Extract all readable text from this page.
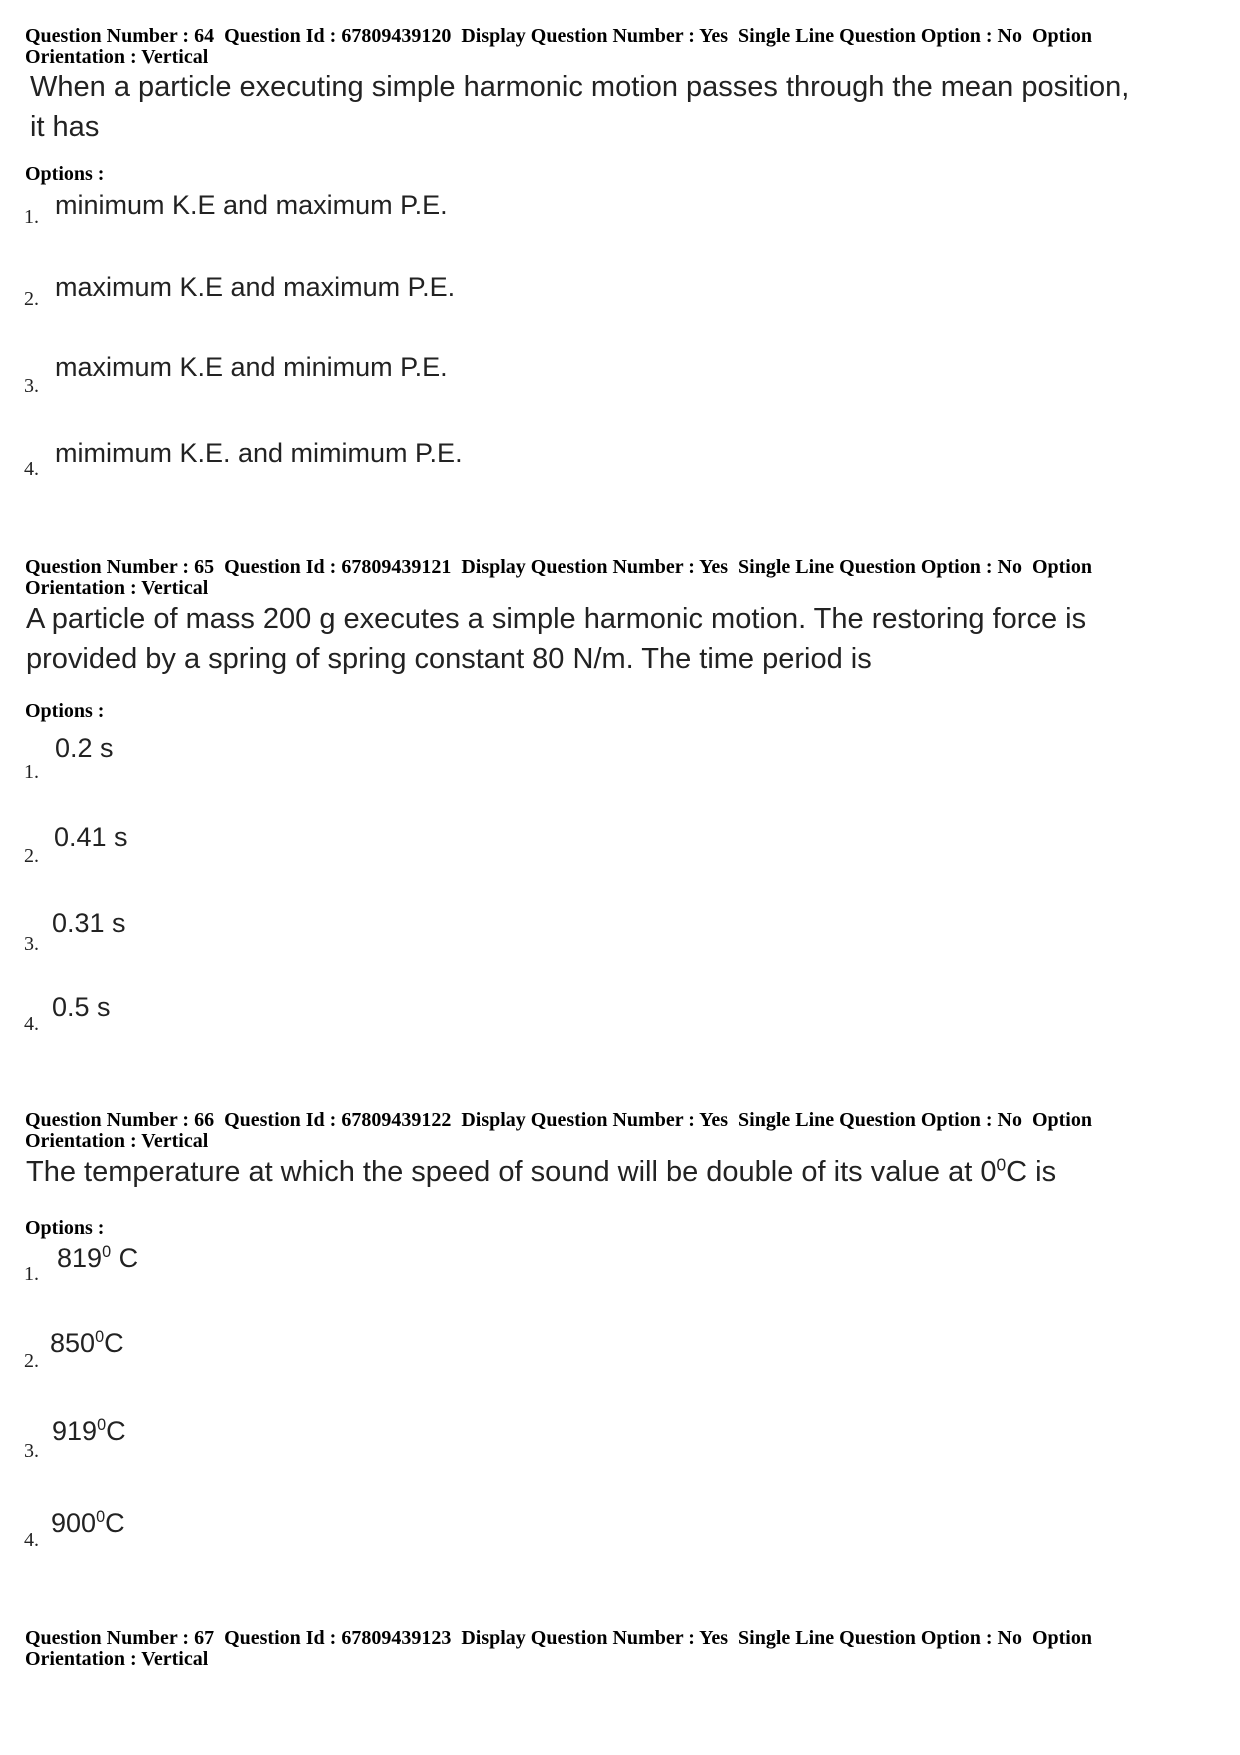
Question Number : 64  Question Id : 67809439120  Display Question Number : Yes  Single Line Question Option : No  Option Orientation : Vertical
When a particle executing simple harmonic motion passes through the mean position, it has
Options :
1. minimum K.E and maximum P.E.
2. maximum K.E and maximum P.E.
3.
maximum K.E and minimum P.E.
4.
mimimum K.E. and mimimum P.E.
Question Number : 65  Question Id : 67809439121  Display Question Number : Yes  Single Line Question Option : No  Option Orientation : Vertical
A particle of mass 200 g executes a simple harmonic motion. The restoring force is provided by a spring of spring constant 80 N/m. The time period is
Options :
1.
0.2 s
2.
0.41 s
3.
0.31 s
4.
0.5 s
Question Number : 66  Question Id : 67809439122  Display Question Number : Yes  Single Line Question Option : No  Option Orientation : Vertical
The temperature at which the speed of sound will be double of its value at $0^0C$ is
Options :
1.
$819^0$ C
2.
$850^0C$
3.
$919^0C$
4.
$900^0C$
Question Number : 67  Question Id : 67809439123  Display Question Number : Yes  Single Line Question Option : No  Option Orientation : Vertical
